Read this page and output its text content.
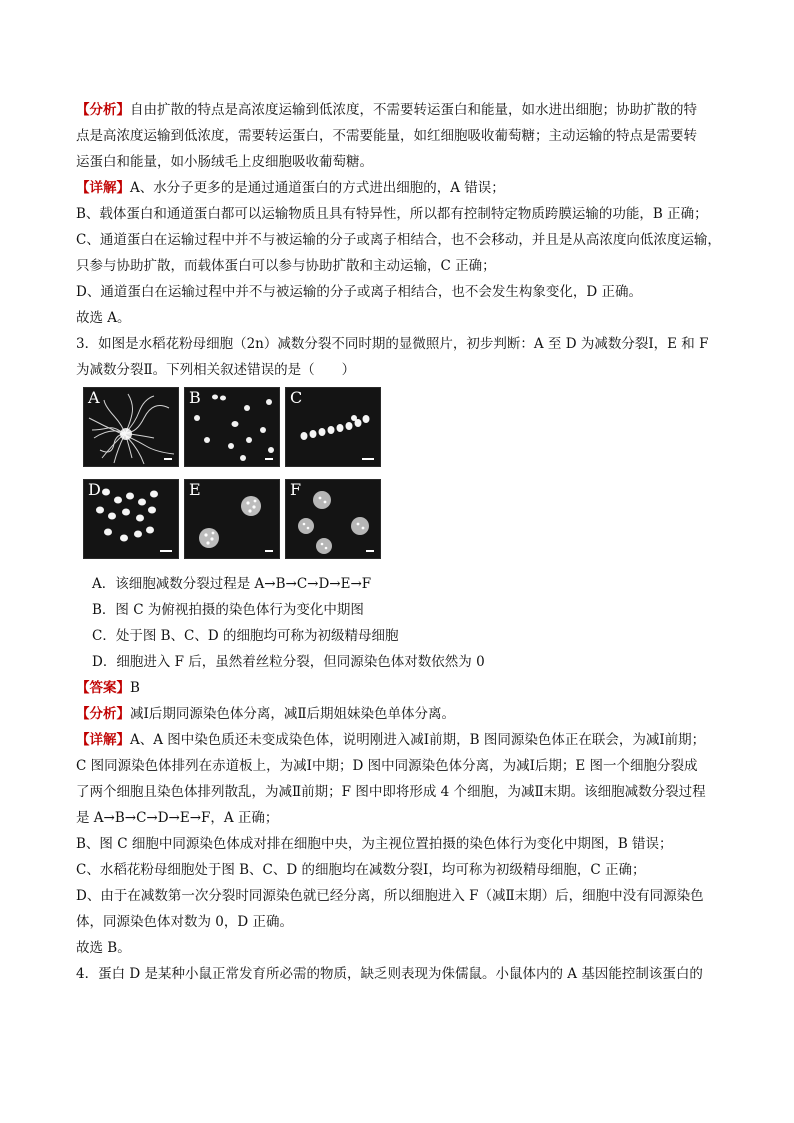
【分析】自由扩散的特点是高浓度运输到低浓度，不需要转运蛋白和能量，如水进出细胞；协助扩散的特
点是高浓度运输到低浓度，需要转运蛋白，不需要能量，如红细胞吸收葡萄糖；主动运输的特点是需要转
运蛋白和能量，如小肠绒毛上皮细胞吸收葡萄糖。
【详解】A、水分子更多的是通过通道蛋白的方式进出细胞的，A 错误；
B、载体蛋白和通道蛋白都可以运输物质且具有特异性，所以都有控制特定物质跨膜运输的功能，B 正确；
C、通道蛋白在运输过程中并不与被运输的分子或离子相结合，也不会移动，并且是从高浓度向低浓度运输，
只参与协助扩散，而载体蛋白可以参与协助扩散和主动运输，C 正确；
D、通道蛋白在运输过程中并不与被运输的分子或离子相结合，也不会发生构象变化，D 正确。
故选 A。
3．如图是水稻花粉母细胞（2n）减数分裂不同时期的显微照片，初步判断：A 至 D 为减数分裂Ⅰ，E 和 F
为减数分裂Ⅱ。下列相关叙述错误的是（　　）
A	B	C
D	E	F
A．该细胞减数分裂过程是 A→B→C→D→E→F
B．图 C 为俯视拍摄的染色体行为变化中期图
C．处于图 B、C、D 的细胞均可称为初级精母细胞
D．细胞进入 F 后，虽然着丝粒分裂，但同源染色体对数依然为 0
【答案】B
【分析】减Ⅰ后期同源染色体分离，减Ⅱ后期姐妹染色单体分离。
【详解】A、A 图中染色质还未变成染色体，说明刚进入减Ⅰ前期，B 图同源染色体正在联会，为减Ⅰ前期；
C 图同源染色体排列在赤道板上，为减Ⅰ中期；D 图中同源染色体分离，为减Ⅰ后期；E 图一个细胞分裂成
了两个细胞且染色体排列散乱，为减Ⅱ前期；F 图中即将形成 4 个细胞，为减Ⅱ末期。该细胞减数分裂过程
是 A→B→C→D→E→F，A 正确；
B、图 C 细胞中同源染色体成对排在细胞中央，为主视位置拍摄的染色体行为变化中期图，B 错误；
C、水稻花粉母细胞处于图 B、C、D 的细胞均在减数分裂Ⅰ，均可称为初级精母细胞，C 正确；
D、由于在减数第一次分裂时同源染色就已经分离，所以细胞进入 F（减Ⅱ末期）后，细胞中没有同源染色
体，同源染色体对数为 0，D 正确。
故选 B。
4．蛋白 D 是某种小鼠正常发育所必需的物质，缺乏则表现为侏儒鼠。小鼠体内的 A 基因能控制该蛋白的
